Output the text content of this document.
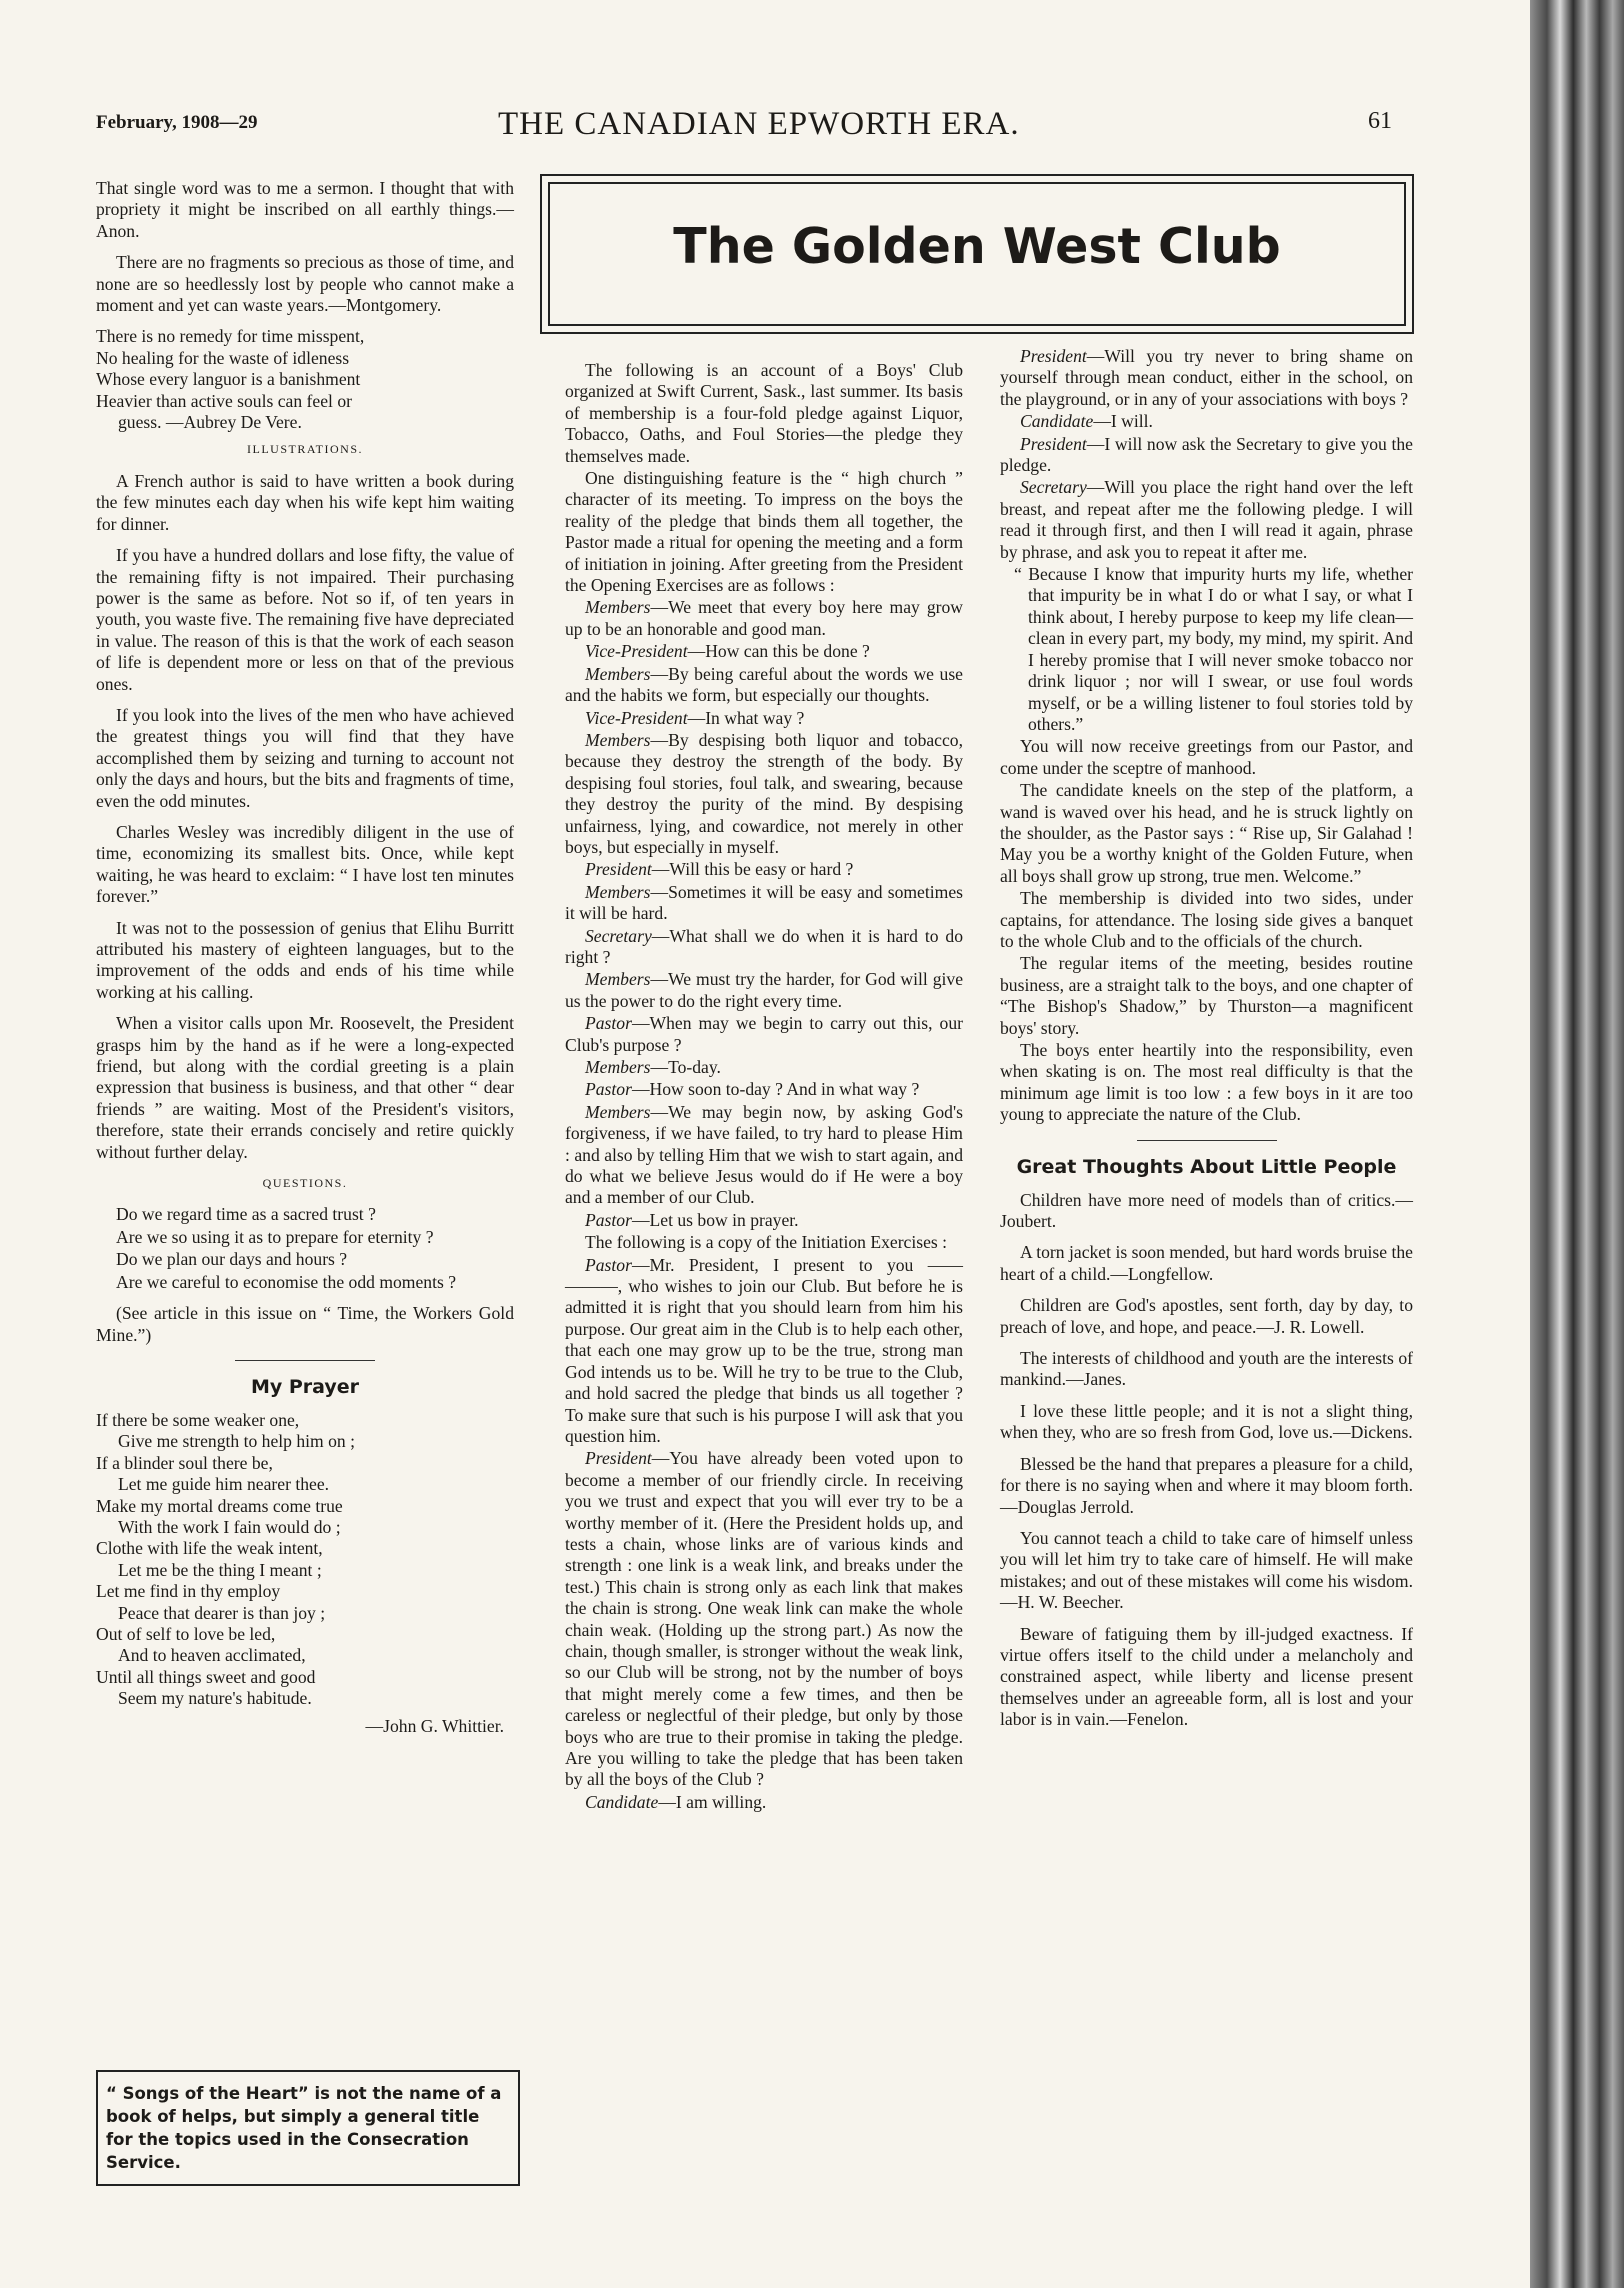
February, 1908—29	THE CANADIAN EPWORTH ERA.	61

That single word was to me a sermon. I thought that with propriety it might be inscribed on all earthly things.—Anon.

There are no fragments so precious as those of time, and none are so heedlessly lost by people who cannot make a moment and yet can waste years.—Montgomery.

There is no remedy for time misspent,
No healing for the waste of idleness
Whose every languor is a banishment
Heavier than active souls can feel or
guess. —Aubrey De Vere.
ILLUSTRATIONS.

A French author is said to have written a book during the few minutes each day when his wife kept him waiting for dinner.

If you have a hundred dollars and lose fifty, the value of the remaining fifty is not impaired. Their purchasing power is the same as before. Not so if, of ten years in youth, you waste five. The remaining five have depreciated in value. The reason of this is that the work of each season of life is dependent more or less on that of the previous ones.

If you look into the lives of the men who have achieved the greatest things you will find that they have accomplished them by seizing and turning to account not only the days and hours, but the bits and fragments of time, even the odd minutes.

Charles Wesley was incredibly diligent in the use of time, economizing its smallest bits. Once, while kept waiting, he was heard to exclaim: “ I have lost ten minutes forever.”

It was not to the possession of genius that Elihu Burritt attributed his mastery of eighteen languages, but to the improvement of the odds and ends of his time while working at his calling.

When a visitor calls upon Mr. Roosevelt, the President grasps him by the hand as if he were a long-expected friend, but along with the cordial greeting is a plain expression that business is business, and that other “ dear friends ” are waiting. Most of the President's visitors, therefore, state their errands concisely and retire quickly without further delay.

QUESTIONS.

Do we regard time as a sacred trust ?

Are we so using it as to prepare for eternity ?

Do we plan our days and hours ?

Are we careful to economise the odd moments ?

(See article in this issue on “ Time, the Workers Gold Mine.”)

My Prayer
If there be some weaker one,
Give me strength to help him on ;
If a blinder soul there be,
Let me guide him nearer thee.
Make my mortal dreams come true
With the work I fain would do ;
Clothe with life the weak intent,
Let me be the thing I meant ;
Let me find in thy employ
Peace that dearer is than joy ;
Out of self to love be led,
And to heaven acclimated,
Until all things sweet and good
Seem my nature's habitude.
—John G. Whittier.
“ Songs of the Heart” is not the name of a book of helps, but simply a general title for the topics used in the Consecration Service.
The Golden West Club

The following is an account of a Boys' Club organized at Swift Current, Sask., last summer. Its basis of membership is a four-fold pledge against Liquor, Tobacco, Oaths, and Foul Stories—the pledge they themselves made.

One distinguishing feature is the “ high church ” character of its meeting. To impress on the boys the reality of the pledge that binds them all together, the Pastor made a ritual for opening the meeting and a form of initiation in joining. After greeting from the President the Opening Exercises are as follows :

Members—We meet that every boy here may grow up to be an honorable and good man.

Vice-President—How can this be done ?

Members—By being careful about the words we use and the habits we form, but especially our thoughts.

Vice-President—In what way ?

Members—By despising both liquor and tobacco, because they destroy the strength of the body. By despising foul stories, foul talk, and swearing, because they destroy the purity of the mind. By despising unfairness, lying, and cowardice, not merely in other boys, but especially in myself.

President—Will this be easy or hard ?

Members—Sometimes it will be easy and sometimes it will be hard.

Secretary—What shall we do when it is hard to do right ?

Members—We must try the harder, for God will give us the power to do the right every time.

Pastor—When may we begin to carry out this, our Club's purpose ?

Members—To-day.

Pastor—How soon to-day ? And in what way ?

Members—We may begin now, by asking God's forgiveness, if we have failed, to try hard to please Him : and also by telling Him that we wish to start again, and do what we believe Jesus would do if He were a boy and a member of our Club.

Pastor—Let us bow in prayer.

The following is a copy of the Initiation Exercises :

Pastor—Mr. President, I present to you —— ———, who wishes to join our Club. But before he is admitted it is right that you should learn from him his purpose. Our great aim in the Club is to help each other, that each one may grow up to be the true, strong man God intends us to be. Will he try to be true to the Club, and hold sacred the pledge that binds us all together ? To make sure that such is his purpose I will ask that you question him.

President—You have already been voted upon to become a member of our friendly circle. In receiving you we trust and expect that you will ever try to be a worthy member of it. (Here the President holds up, and tests a chain, whose links are of various kinds and strength : one link is a weak link, and breaks under the test.) This chain is strong only as each link that makes the chain is strong. One weak link can make the whole chain weak. (Holding up the strong part.) As now the chain, though smaller, is stronger without the weak link, so our Club will be strong, not by the number of boys that might merely come a few times, and then be careless or neglectful of their pledge, but only by those boys who are true to their promise in taking the pledge. Are you willing to take the pledge that has been taken by all the boys of the Club ?

Candidate—I am willing.

President—Will you try never to bring shame on yourself through mean conduct, either in the school, on the playground, or in any of your associations with boys ?

Candidate—I will.

President—I will now ask the Secretary to give you the pledge.

Secretary—Will you place the right hand over the left breast, and repeat after me the following pledge. I will read it through first, and then I will read it again, phrase by phrase, and ask you to repeat it after me.

“ Because I know that impurity hurts my life, whether that impurity be in what I do or what I say, or what I think about, I hereby purpose to keep my life clean—clean in every part, my body, my mind, my spirit. And I hereby promise that I will never smoke tobacco nor drink liquor ; nor will I swear, or use foul words myself, or be a willing listener to foul stories told by others.”

You will now receive greetings from our Pastor, and come under the sceptre of manhood.

The candidate kneels on the step of the platform, a wand is waved over his head, and he is struck lightly on the shoulder, as the Pastor says : “ Rise up, Sir Galahad ! May you be a worthy knight of the Golden Future, when all boys shall grow up strong, true men. Welcome.”

The membership is divided into two sides, under captains, for attendance. The losing side gives a banquet to the whole Club and to the officials of the church.

The regular items of the meeting, besides routine business, are a straight talk to the boys, and one chapter of “The Bishop's Shadow,” by Thurston—a magnificent boys' story.

The boys enter heartily into the responsibility, even when skating is on. The most real difficulty is that the minimum age limit is too low : a few boys in it are too young to appreciate the nature of the Club.

Great Thoughts About Little People

Children have more need of models than of critics.—Joubert.

A torn jacket is soon mended, but hard words bruise the heart of a child.—Longfellow.

Children are God's apostles, sent forth, day by day, to preach of love, and hope, and peace.—J. R. Lowell.

The interests of childhood and youth are the interests of mankind.—Janes.

I love these little people; and it is not a slight thing, when they, who are so fresh from God, love us.—Dickens.

Blessed be the hand that prepares a pleasure for a child, for there is no saying when and where it may bloom forth.—Douglas Jerrold.

You cannot teach a child to take care of himself unless you will let him try to take care of himself. He will make mistakes; and out of these mistakes will come his wisdom.—H. W. Beecher.

Beware of fatiguing them by ill-judged exactness. If virtue offers itself to the child under a melancholy and constrained aspect, while liberty and license present themselves under an agreeable form, all is lost and your labor is in vain.—Fenelon.
